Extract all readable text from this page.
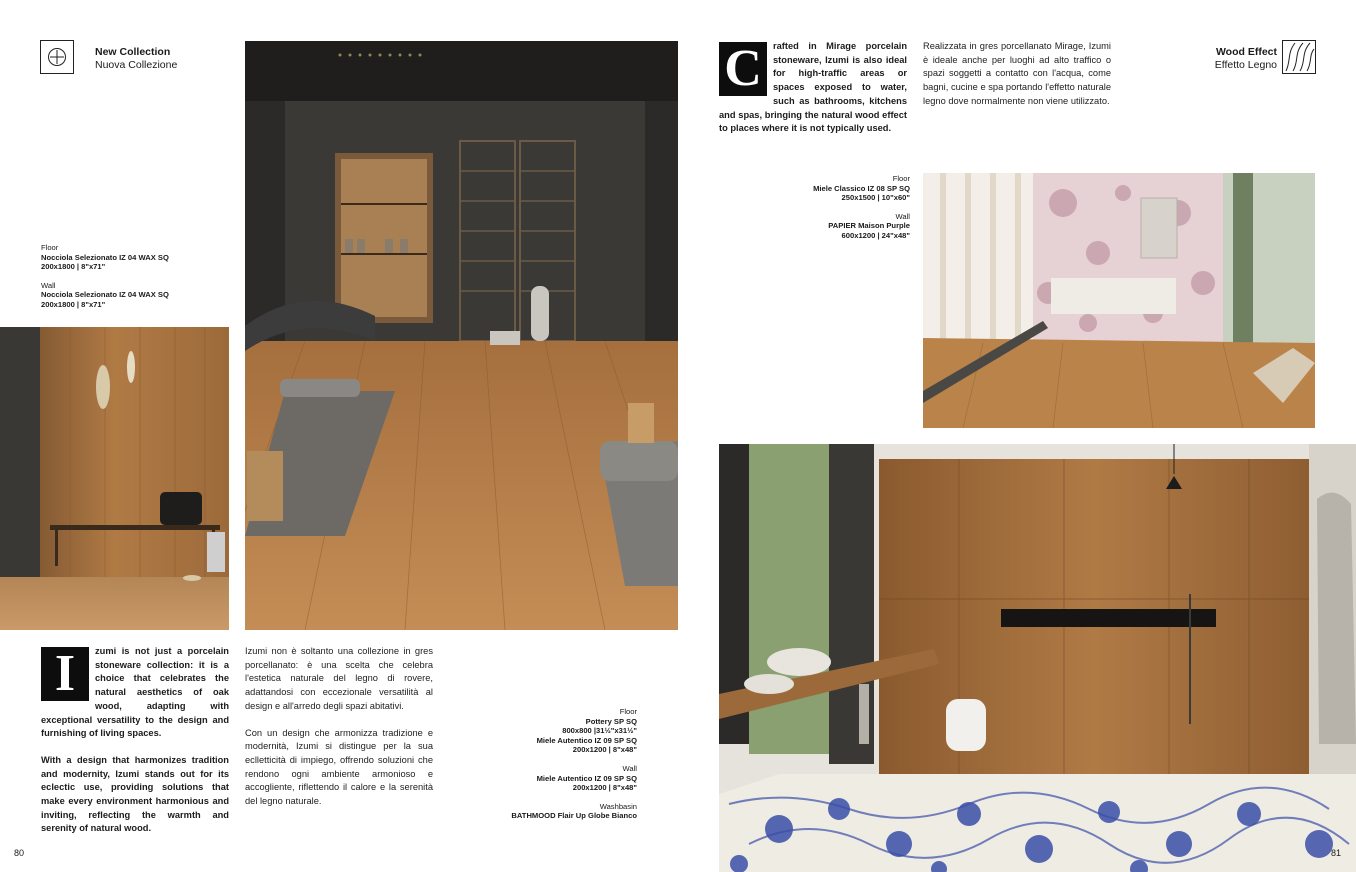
New Collection
Nuova Collezione
Floor
Nocciola Selezionato IZ 04 WAX SQ
200x1800 | 8"x71"
Wall
Nocciola Selezionato IZ 04 WAX SQ
200x1800 | 8"x71"
I	zumi is not just a porcelain stoneware collection: it is a choice that celebrates the natural aesthetics of oak wood, adapting with exceptional versatility to the design and furnishing of living spaces.
With a design that harmonizes tradition and modernity, Izumi stands out for its eclectic use, providing solutions that make every environment harmonious and inviting, reflecting the warmth and serenity of natural wood.
Izumi non è soltanto una collezione in gres porcellanato: è una scelta che celebra l'estetica naturale del legno di rovere, adattandosi con eccezionale versatilità al design e all'arredo degli spazi abitativi.
Con un design che armonizza tradizione e modernità, Izumi si distingue per la sua eclletticità di impiego, offrendo soluzioni che rendono ogni ambiente armonioso e accogliente, riflettendo il calore e la serenità del legno naturale.
Floor
Pottery SP SQ
800x800 |31½"x31½"
Miele Autentico IZ 09 SP SQ
200x1200 | 8"x48"
Wall
Miele Autentico IZ 09 SP SQ
200x1200 | 8"x48"
Washbasin
BATHMOOD Flair Up Globe Bianco
80
C	rafted in Mirage porcelain stoneware, Izumi is also ideal for high-traffic areas or spaces exposed to water, such as bathrooms, kitchens and spas, bringing the natural wood effect to places where it is not typically used.
Realizzata in gres porcellanato Mirage, Izumi è ideale anche per luoghi ad alto traffico o spazi soggetti a contatto con l'acqua, come bagni, cucine e spa portando l'effetto naturale legno dove normalmente non viene utilizzato.
Wood Effect
Effetto Legno
Floor
Miele Classico IZ 08 SP SQ
250x1500 | 10"x60"
Wall
PAPIER Maison Purple
600x1200 | 24"x48"
81
